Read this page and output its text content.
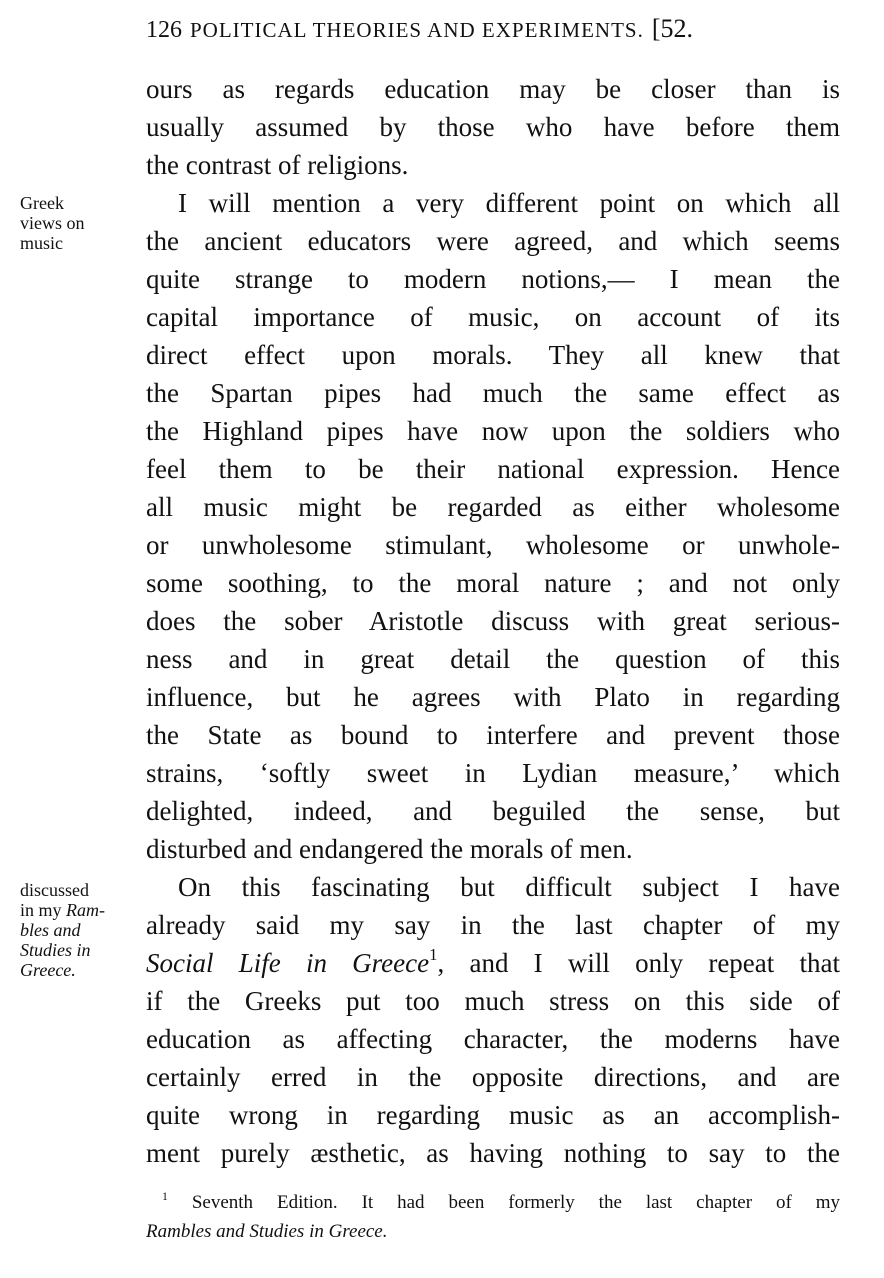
126 POLITICAL THEORIES AND EXPERIMENTS. [52.
Greek
views on
music
discussed
in my Ram-
bles and
Studies in
Greece.
ours as regards education may be closer than is
usually assumed by those who have before them
the contrast of religions.
I will mention a very different point on which all
the ancient educators were agreed, and which seems
quite strange to modern notions,— I mean the
capital importance of music, on account of its
direct effect upon morals. They all knew that
the Spartan pipes had much the same effect as
the Highland pipes have now upon the soldiers who
feel them to be their national expression. Hence
all music might be regarded as either wholesome
or unwholesome stimulant, wholesome or unwhole-
some soothing, to the moral nature ; and not only
does the sober Aristotle discuss with great serious-
ness and in great detail the question of this
influence, but he agrees with Plato in regarding
the State as bound to interfere and prevent those
strains, ‘softly sweet in Lydian measure,’ which
delighted, indeed, and beguiled the sense, but
disturbed and endangered the morals of men.
On this fascinating but difficult subject I have
already said my say in the last chapter of my
Social Life in Greece$^1$, and I will only repeat that
if the Greeks put too much stress on this side of
education as affecting character, the moderns have
certainly erred in the opposite directions, and are
quite wrong in regarding music as an accomplish-
ment purely æsthetic, as having nothing to say to the
$^1$ Seventh Edition. It had been formerly the last chapter of my
Rambles and Studies in Greece.
